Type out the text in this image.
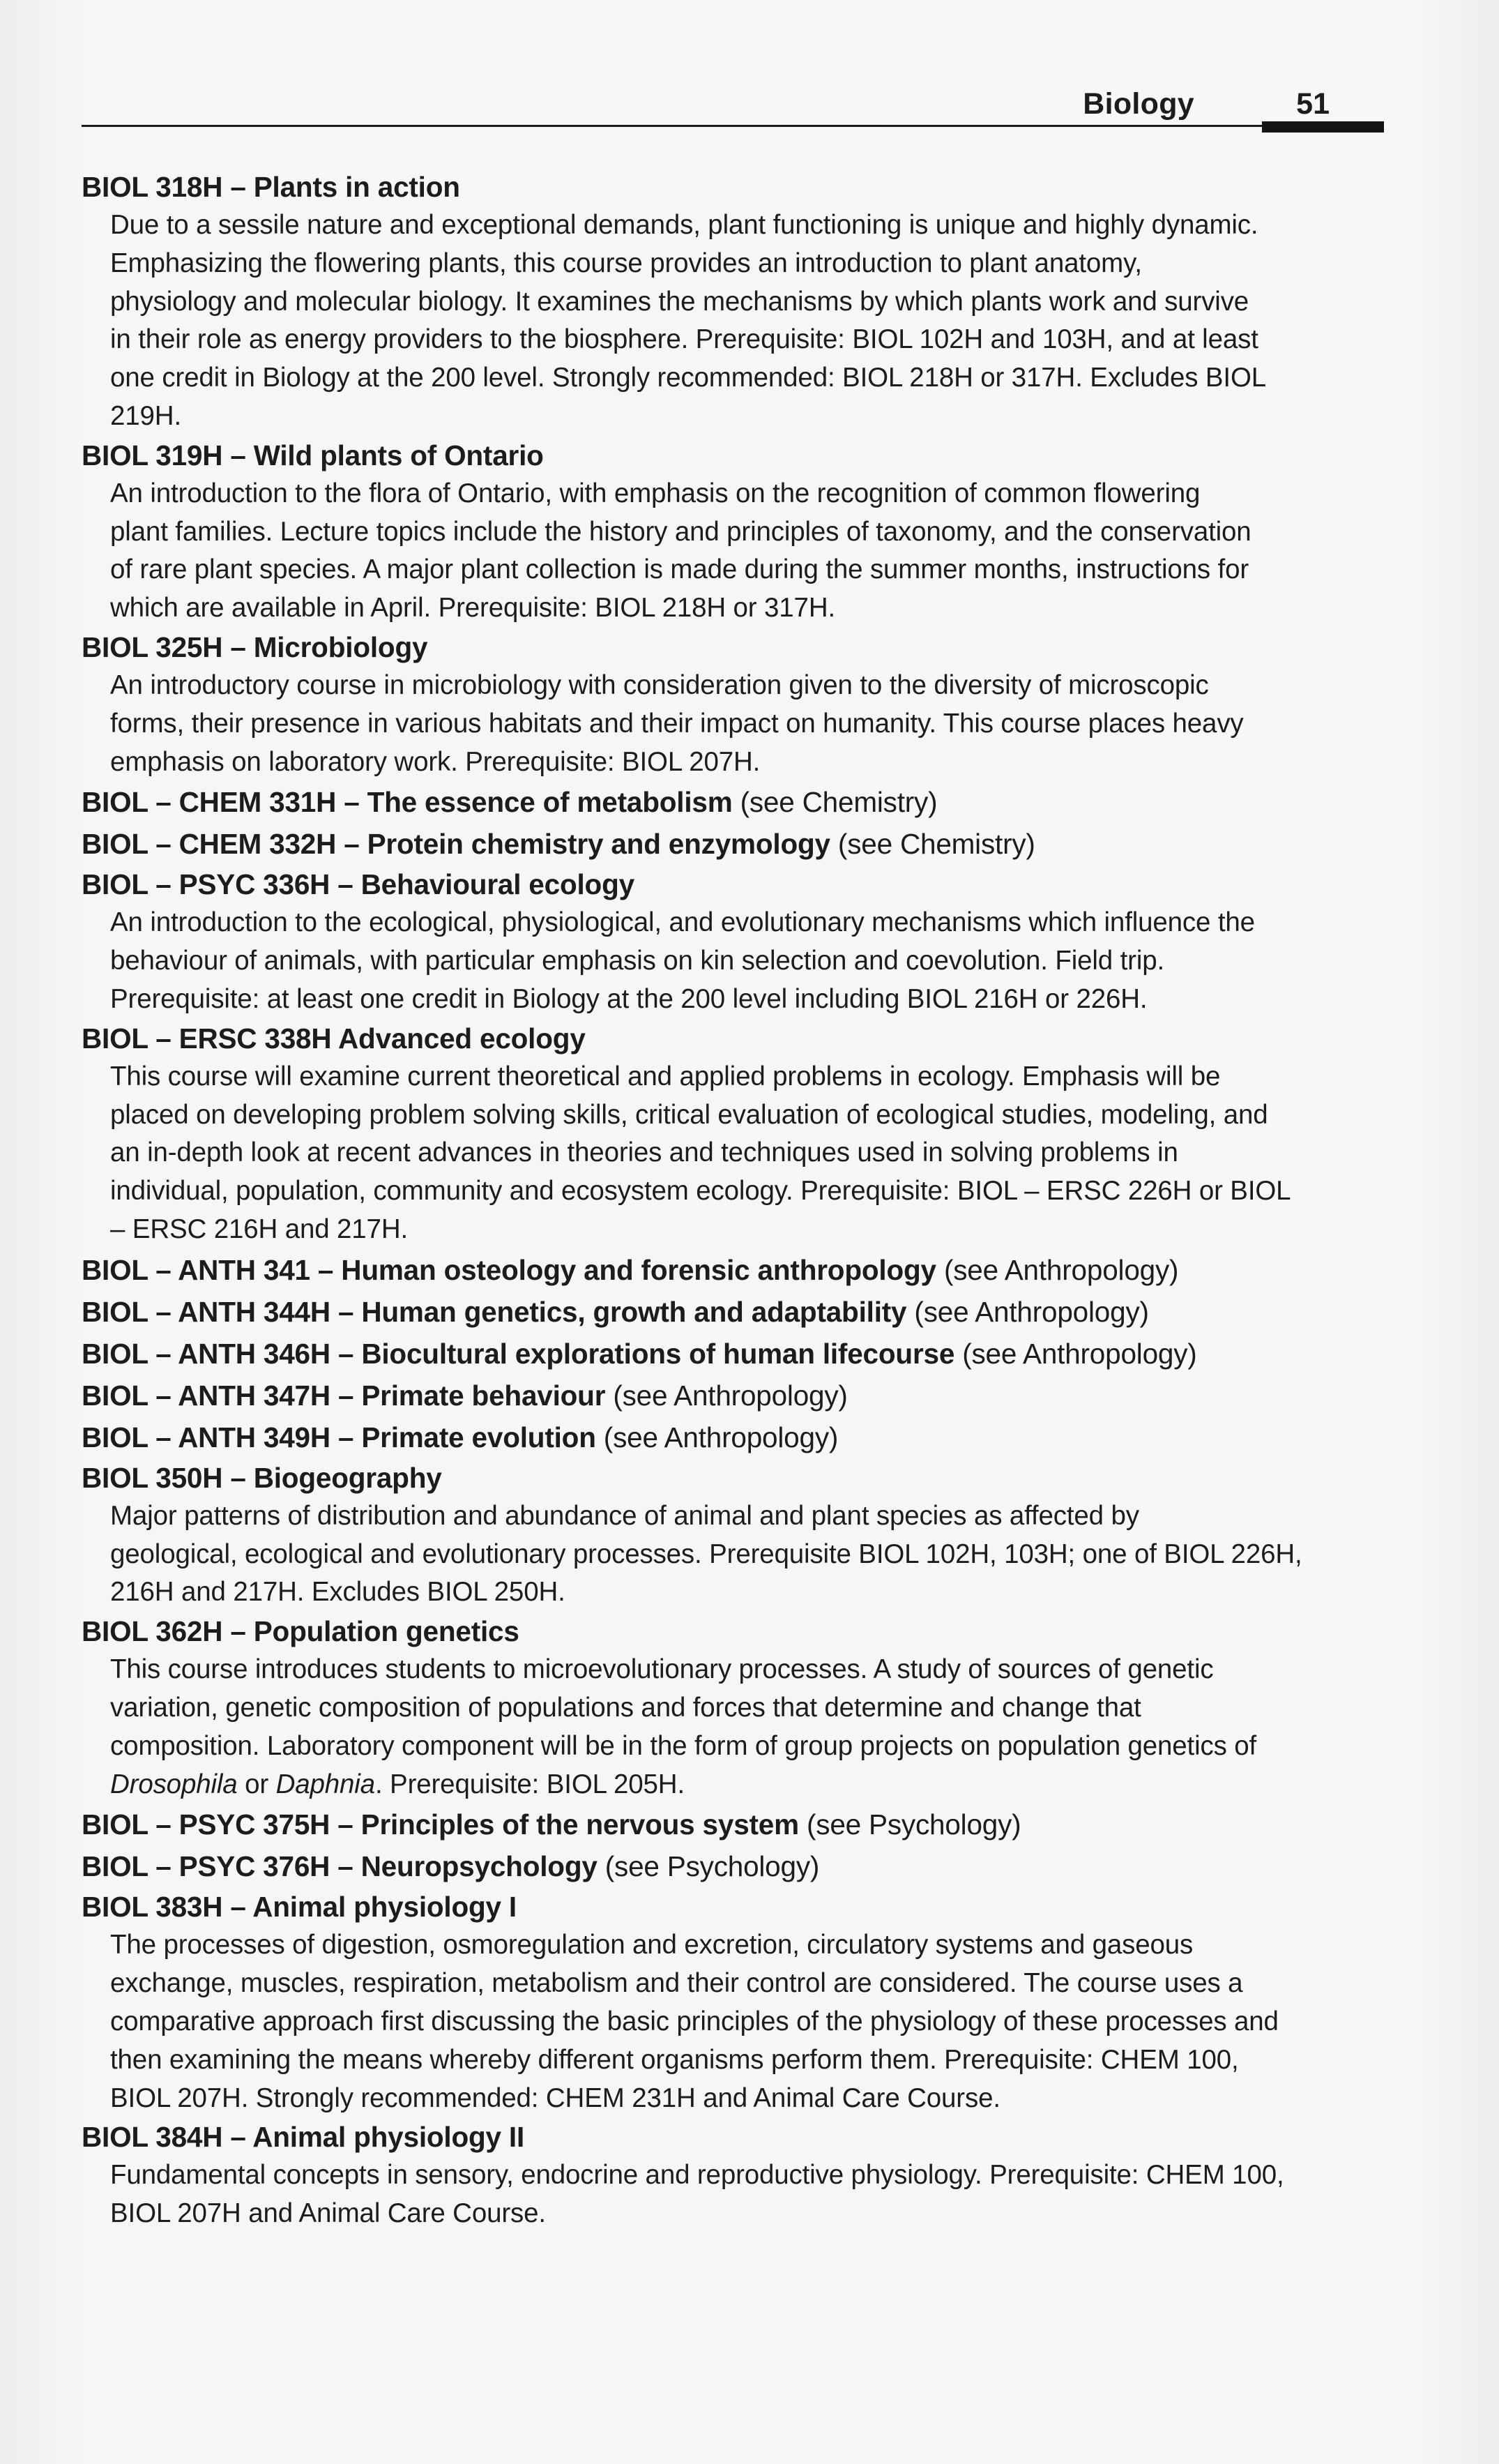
Biology	51
BIOL 318H – Plants in action
Due to a sessile nature and exceptional demands, plant functioning is unique and highly dynamic.
Emphasizing the flowering plants, this course provides an introduction to plant anatomy,
physiology and molecular biology. It examines the mechanisms by which plants work and survive
in their role as energy providers to the biosphere. Prerequisite: BIOL 102H and 103H, and at least
one credit in Biology at the 200 level. Strongly recommended: BIOL 218H or 317H. Excludes BIOL
219H.
BIOL 319H – Wild plants of Ontario
An introduction to the flora of Ontario, with emphasis on the recognition of common flowering
plant families. Lecture topics include the history and principles of taxonomy, and the conservation
of rare plant species. A major plant collection is made during the summer months, instructions for
which are available in April. Prerequisite: BIOL 218H or 317H.
BIOL 325H – Microbiology
An introductory course in microbiology with consideration given to the diversity of microscopic
forms, their presence in various habitats and their impact on humanity. This course places heavy
emphasis on laboratory work. Prerequisite: BIOL 207H.
BIOL – CHEM 331H – The essence of metabolism (see Chemistry)
BIOL – CHEM 332H – Protein chemistry and enzymology (see Chemistry)
BIOL – PSYC 336H – Behavioural ecology
An introduction to the ecological, physiological, and evolutionary mechanisms which influence the
behaviour of animals, with particular emphasis on kin selection and coevolution. Field trip.
Prerequisite: at least one credit in Biology at the 200 level including BIOL 216H or 226H.
BIOL – ERSC 338H Advanced ecology
This course will examine current theoretical and applied problems in ecology. Emphasis will be
placed on developing problem solving skills, critical evaluation of ecological studies, modeling, and
an in-depth look at recent advances in theories and techniques used in solving problems in
individual, population, community and ecosystem ecology. Prerequisite: BIOL – ERSC 226H or BIOL
– ERSC 216H and 217H.
BIOL – ANTH 341 – Human osteology and forensic anthropology (see Anthropology)
BIOL – ANTH 344H – Human genetics, growth and adaptability (see Anthropology)
BIOL – ANTH 346H – Biocultural explorations of human lifecourse (see Anthropology)
BIOL – ANTH 347H – Primate behaviour (see Anthropology)
BIOL – ANTH 349H – Primate evolution (see Anthropology)
BIOL 350H – Biogeography
Major patterns of distribution and abundance of animal and plant species as affected by
geological, ecological and evolutionary processes. Prerequisite BIOL 102H, 103H; one of BIOL 226H,
216H and 217H. Excludes BIOL 250H.
BIOL 362H – Population genetics
This course introduces students to microevolutionary processes. A study of sources of genetic
variation, genetic composition of populations and forces that determine and change that
composition. Laboratory component will be in the form of group projects on population genetics of
Drosophila or Daphnia. Prerequisite: BIOL 205H.
BIOL – PSYC 375H – Principles of the nervous system (see Psychology)
BIOL – PSYC 376H – Neuropsychology (see Psychology)
BIOL 383H – Animal physiology I
The processes of digestion, osmoregulation and excretion, circulatory systems and gaseous
exchange, muscles, respiration, metabolism and their control are considered. The course uses a
comparative approach first discussing the basic principles of the physiology of these processes and
then examining the means whereby different organisms perform them. Prerequisite: CHEM 100,
BIOL 207H. Strongly recommended: CHEM 231H and Animal Care Course.
BIOL 384H – Animal physiology II
Fundamental concepts in sensory, endocrine and reproductive physiology. Prerequisite: CHEM 100,
BIOL 207H and Animal Care Course.
